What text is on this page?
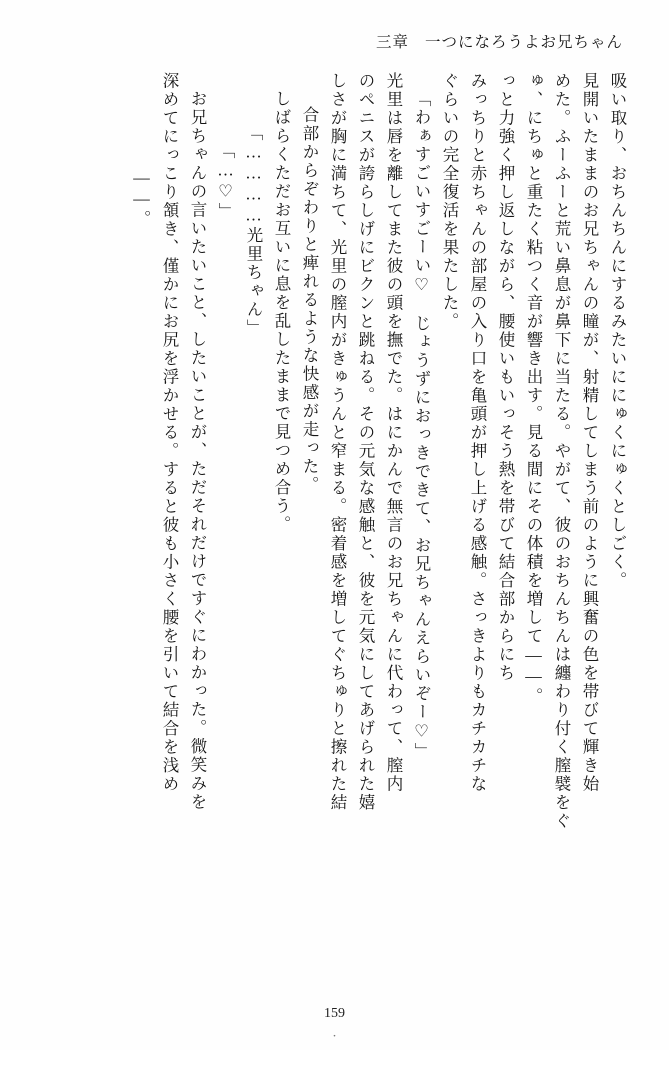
三章 一つになろうよお兄ちゃん
吸い取り、おちんちんにするみたいににゅくにゅくとしごく。
見開いたままのお兄ちゃんの瞳が、射精してしまう前のように興奮の色を帯びて輝き始
めた。ふーふーと荒い鼻息が鼻下に当たる。やがて、彼のおちんちんは纏わり付く膣襞をぐ
ゅ、にちゅと重たく粘つく音が響き出す。見る間にその体積を増して――。
っと力強く押し返しながら、腰使いもいっそう熱を帯びて結合部からにち
みっちりと赤ちゃんの部屋の入り口を亀頭が押し上げる感触。さっきよりもカチカチな
ぐらいの完全復活を果たした。
「わぁすごいすごーい♡　じょうずにおっきできて、お兄ちゃんえらいぞー♡」
光里は唇を離してまた彼の頭を撫でた。はにかんで無言のお兄ちゃんに代わって、膣内
のペニスが誇らしげにビクンと跳ねる。その元気な感触と、彼を元気にしてあげられた嬉
しさが胸に満ちて、光里の膣内がきゅうんと窄まる。密着感を増してぐちゅりと擦れた結
合部からぞわりと痺れるような快感が走った。
しばらくただお互いに息を乱したままで見つめ合う。
「…………光里ちゃん」
「…♡」
お兄ちゃんの言いたいこと、したいことが、ただそれだけですぐにわかった。微笑みを
深めてにっこり頷き、僅かにお尻を浮かせる。すると彼も小さく腰を引いて結合を浅め
――。
159
・
